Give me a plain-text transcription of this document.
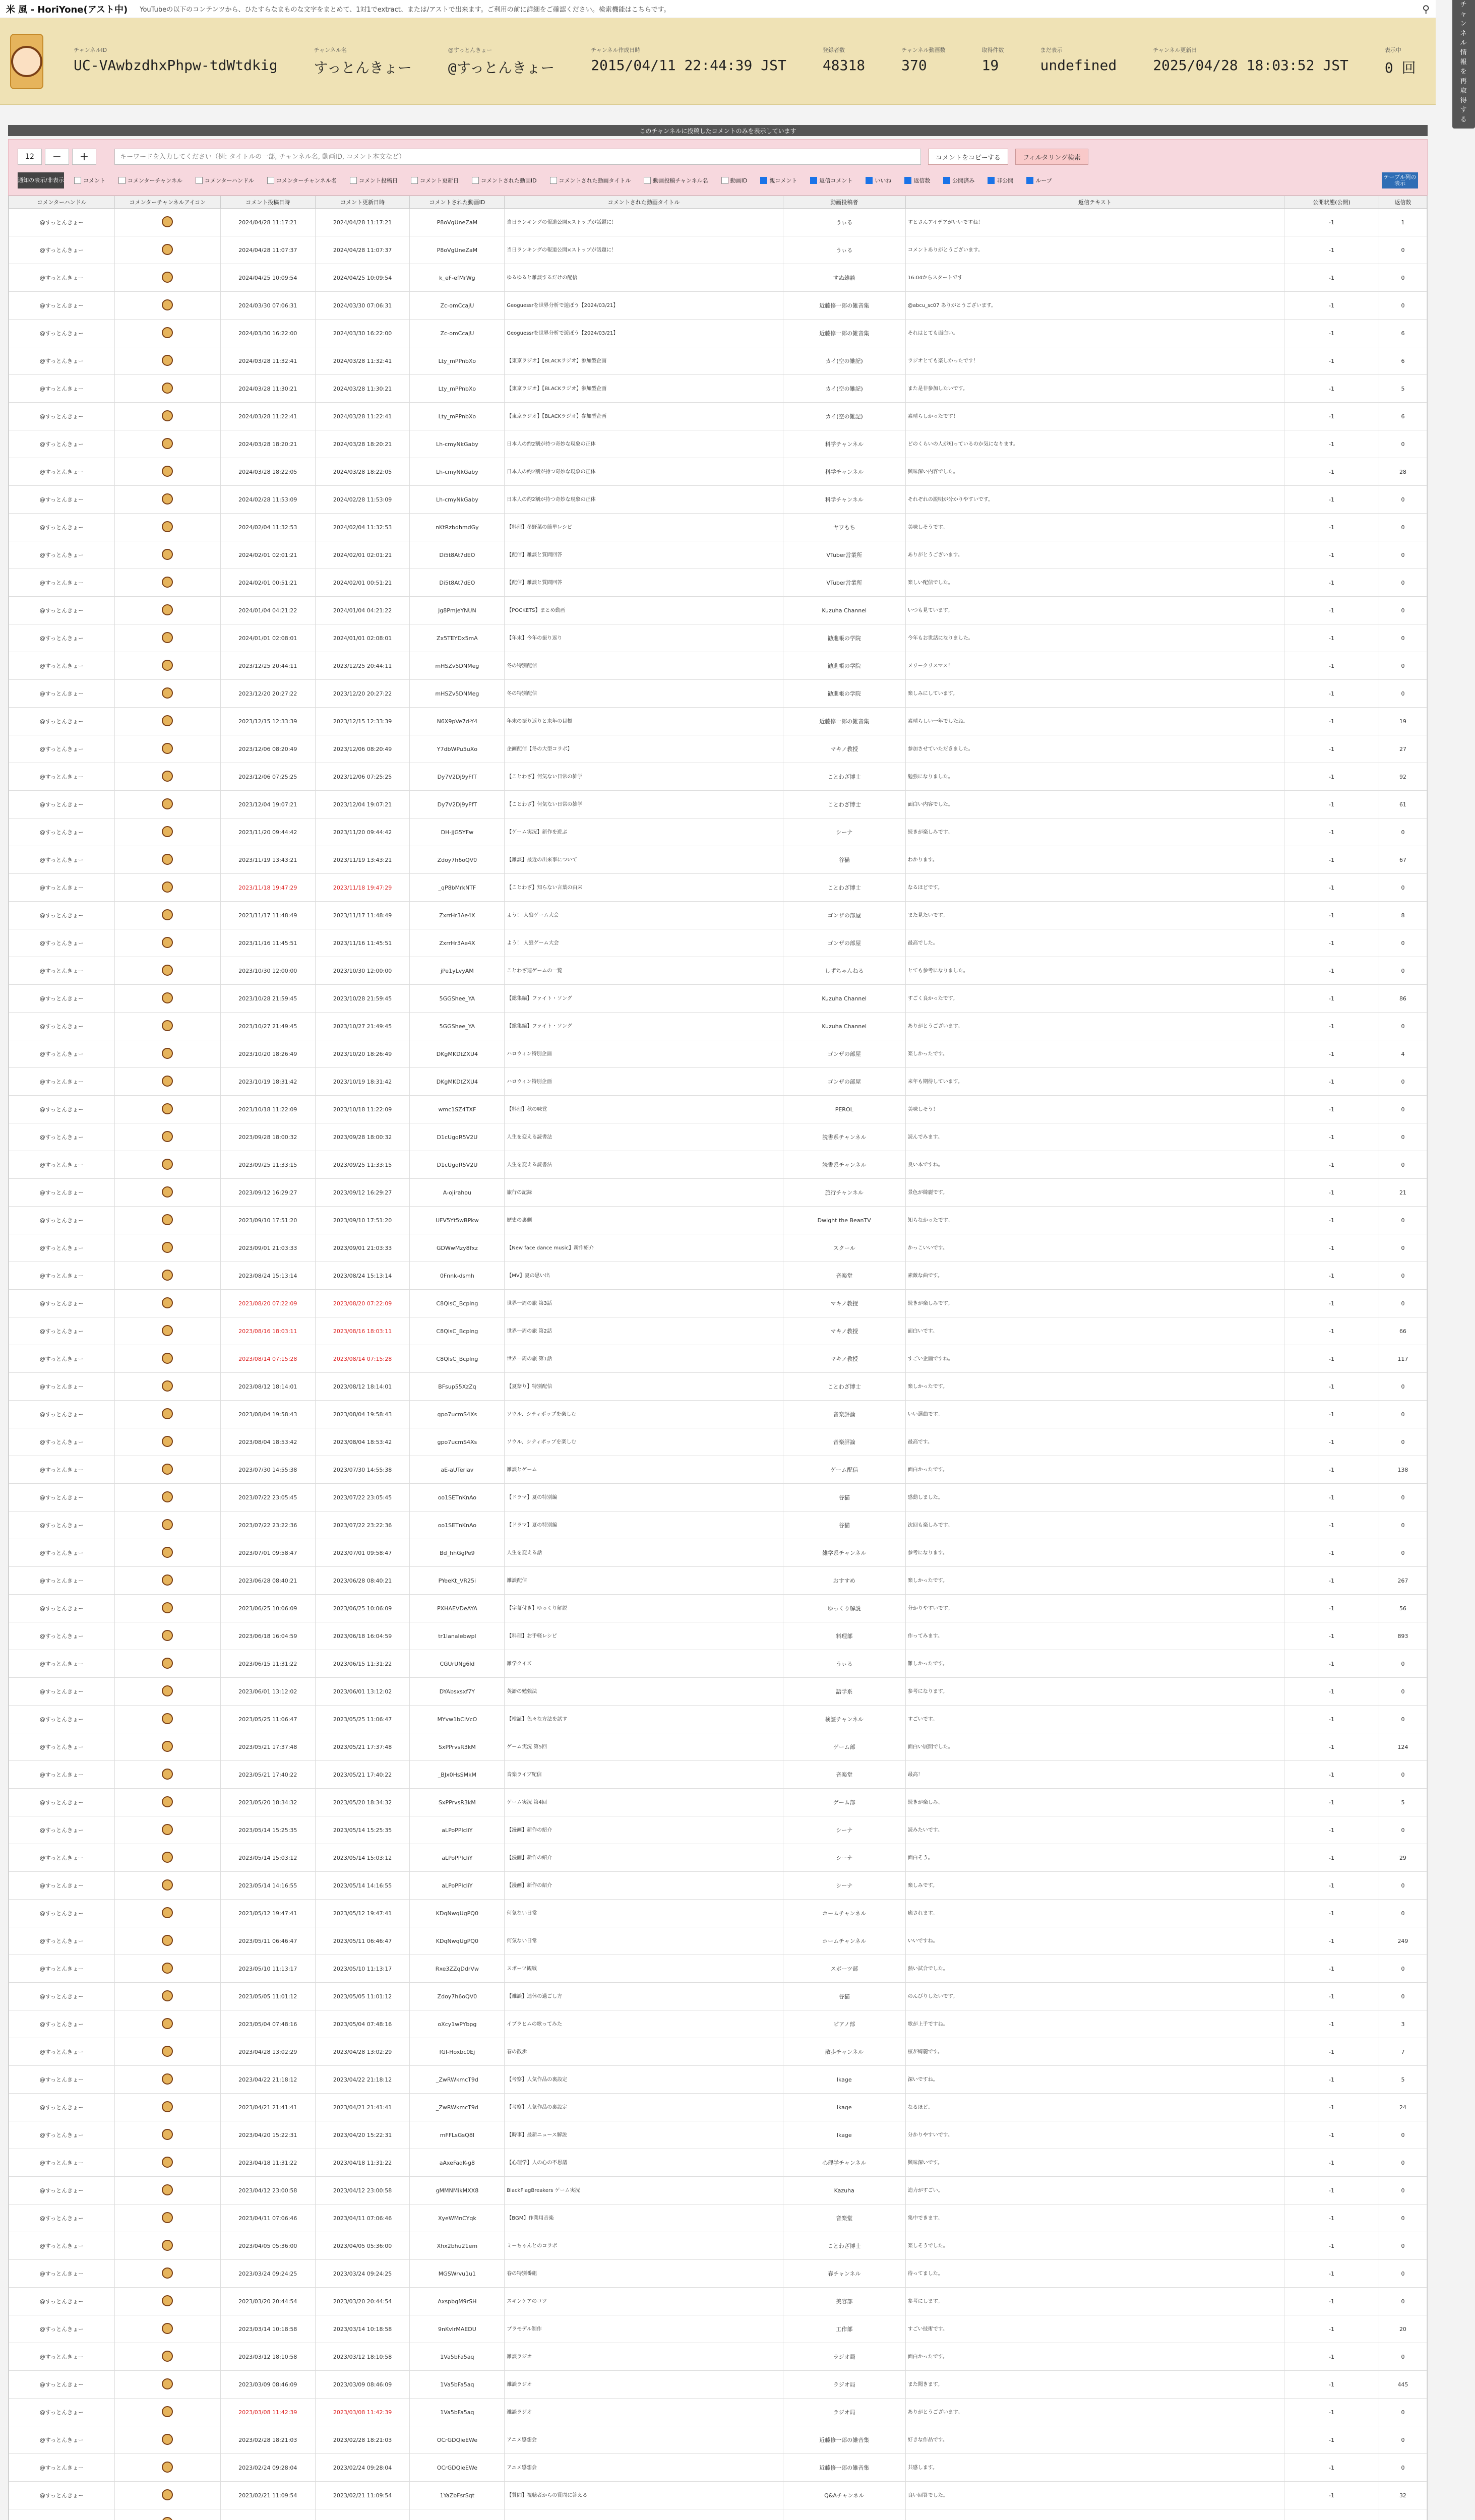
米 風 - HoriYone(アスト中) YouTubeの以下のコンテンツから、ひたすらなまものな文字をまとめて、1対1でextract、または/アストで出来ます。ご利用の前に詳細をご確認ください。検索機能はこちらです。	⚲
チャンネルID
UC-VAwbzdhxPhpw-tdWtdkig
チャンネル名
すっとんきょー
@すっとんきょー
@すっとんきょー
チャンネル作成日時
2015/04/11 22:44:39 JST
登録者数
48318
チャンネル動画数
370
取得件数
19
まだ表示
undefined
チャンネル更新日
2025/04/28 18:03:52 JST
表示中
0 回
チャンネル情報を再取得する
このチャンネルに投稿したコメントのみを表示しています
12	−	+
キーワードを入力してください（例: タイトルの一部, チャンネル名, 動画ID, コメント本文など）	コメントをコピーする	フィルタリング検索
通知の表示/非表示	コメント	コメンターチャンネル	コメンターハンドル	コメンターチャンネル名	コメント投稿日	コメント更新日	コメントされた動画ID	コメントされた動画タイトル	動画投稿チャンネル名	動画ID	親コメント	返信コメント	いいね	返信数	公開済み	非公開	ループ
テーブル列の表示
コメンターハンドル	コメンターチャンネルアイコン	コメント投稿日時	コメント更新日時	コメントされた動画ID	コメントされた動画タイトル	動画投稿者	返信テキスト	公開状態(公開)	返信数
@すっとんきょー		2024/04/28 11:17:21	2024/04/28 11:17:21	P8oVgUneZaM	当日ランキングの報道公開×ストップが話題に！	うぃる	すとさんアイデアがいいですね！	-1	1
@すっとんきょー		2024/04/28 11:07:37	2024/04/28 11:07:37	P8oVgUneZaM	当日ランキングの報道公開×ストップが話題に！	うぃる	コメントありがとうございます。	-1	0
@すっとんきょー		2024/04/25 10:09:54	2024/04/25 10:09:54	k_eF-efMrWg	ゆるゆると雑談するだけの配信	すぬ雑談	16:04からスタートです	-1	0
@すっとんきょー		2024/03/30 07:06:31	2024/03/30 07:06:31	Zc-omCcajU	Geoguessrを世界分析で遊ぼう【2024/03/21】	近藤修一郎の雑音集	@abcu_sc07 ありがとうございます。	-1	0
@すっとんきょー		2024/03/30 16:22:00	2024/03/30 16:22:00	Zc-omCcajU	Geoguessrを世界分析で遊ぼう【2024/03/21】	近藤修一郎の雑音集	それはとても面白い。	-1	6
@すっとんきょー		2024/03/28 11:32:41	2024/03/28 11:32:41	Lty_mPPnbXo	【東京ラジオ】【BLACKラジオ】参加型企画	カイ(空の雑記)	ラジオとても楽しかったです！	-1	6
@すっとんきょー		2024/03/28 11:30:21	2024/03/28 11:30:21	Lty_mPPnbXo	【東京ラジオ】【BLACKラジオ】参加型企画	カイ(空の雑記)	また是非参加したいです。	-1	5
@すっとんきょー		2024/03/28 11:22:41	2024/03/28 11:22:41	Lty_mPPnbXo	【東京ラジオ】【BLACKラジオ】参加型企画	カイ(空の雑記)	素晴らしかったです！	-1	6
@すっとんきょー		2024/03/28 18:20:21	2024/03/28 18:20:21	Lh-cmyNkGaby	日本人の約2割が持つ奇妙な現象の正体	科学チャンネル	どのくらいの人が知っているのか気になります。	-1	0
@すっとんきょー		2024/03/28 18:22:05	2024/03/28 18:22:05	Lh-cmyNkGaby	日本人の約2割が持つ奇妙な現象の正体	科学チャンネル	興味深い内容でした。	-1	28
@すっとんきょー		2024/02/28 11:53:09	2024/02/28 11:53:09	Lh-cmyNkGaby	日本人の約2割が持つ奇妙な現象の正体	科学チャンネル	それぞれの説明が分かりやすいです。	-1	0
@すっとんきょー		2024/02/04 11:32:53	2024/02/04 11:32:53	nKtRzbdhmdGy	【料理】冬野菜の簡単レシピ	ヤワもち	美味しそうです。	-1	0
@すっとんきょー		2024/02/01 02:01:21	2024/02/01 02:01:21	Di5t8At7dEO	【配信】雑談と質問回答	VTuber営業所	ありがとうございます。	-1	0
@すっとんきょー		2024/02/01 00:51:21	2024/02/01 00:51:21	Di5t8At7dEO	【配信】雑談と質問回答	VTuber営業所	楽しい配信でした。	-1	0
@すっとんきょー		2024/01/04 04:21:22	2024/01/04 04:21:22	Jg8PmjeYNUN	【POCKETS】まとめ動画	Kuzuha Channel	いつも見ています。	-1	0
@すっとんきょー		2024/01/01 02:08:01	2024/01/01 02:08:01	Zx5TEYDx5mA	【年末】今年の振り返り	勧進帳の学院	今年もお世話になりました。	-1	0
@すっとんきょー		2023/12/25 20:44:11	2023/12/25 20:44:11	mHSZv5DNMeg	冬の特別配信	勧進帳の学院	メリークリスマス！	-1	0
@すっとんきょー		2023/12/20 20:27:22	2023/12/20 20:27:22	mHSZv5DNMeg	冬の特別配信	勧進帳の学院	楽しみにしています。	-1	0
@すっとんきょー		2023/12/15 12:33:39	2023/12/15 12:33:39	N6X9pVe7d-Y4	年末の振り返りと来年の目標	近藤修一郎の雑音集	素晴らしい一年でしたね。	-1	19
@すっとんきょー		2023/12/06 08:20:49	2023/12/06 08:20:49	Y7dbWPu5uXo	企画配信【冬の大型コラボ】	マキノ教授	参加させていただきました。	-1	27
@すっとんきょー		2023/12/06 07:25:25	2023/12/06 07:25:25	Dy7V2Dj9yFfT	【ことわざ】何気ない日常の雑学	ことわざ博士	勉強になりました。	-1	92
@すっとんきょー		2023/12/04 19:07:21	2023/12/04 19:07:21	Dy7V2Dj9yFfT	【ことわざ】何気ない日常の雑学	ことわざ博士	面白い内容でした。	-1	61
@すっとんきょー		2023/11/20 09:44:42	2023/11/20 09:44:42	DH-jjG5YFw	【ゲーム実況】新作を遊ぶ	シーナ	続きが楽しみです。	-1	0
@すっとんきょー		2023/11/19 13:43:21	2023/11/19 13:43:21	Zdoy7h6oQV0	【雑談】最近の出来事について	谷猫	わかります。	-1	67
@すっとんきょー		2023/11/18 19:47:29	2023/11/18 19:47:29	_qP8bMrkNTF	【ことわざ】知らない言葉の由来	ことわざ博士	なるほどです。	-1	0
@すっとんきょー		2023/11/17 11:48:49	2023/11/17 11:48:49	ZxrrHr3Ae4X	よう！ 人狼ゲーム大会	ゴンザの部屋	また見たいです。	-1	8
@すっとんきょー		2023/11/16 11:45:51	2023/11/16 11:45:51	ZxrrHr3Ae4X	よう！ 人狼ゲーム大会	ゴンザの部屋	最高でした。	-1	0
@すっとんきょー		2023/10/30 12:00:00	2023/10/30 12:00:00	jPe1yLvyAM	ことわざ連ゲームの一覧	しずちゃんねる	とても参考になりました。	-1	0
@すっとんきょー		2023/10/28 21:59:45	2023/10/28 21:59:45	5GGShee_YA	【総集編】ファイト・ソング	Kuzuha Channel	すごく良かったです。	-1	86
@すっとんきょー		2023/10/27 21:49:45	2023/10/27 21:49:45	5GGShee_YA	【総集編】ファイト・ソング	Kuzuha Channel	ありがとうございます。	-1	0
@すっとんきょー		2023/10/20 18:26:49	2023/10/20 18:26:49	DKgMKDtZXU4	ハロウィン特別企画	ゴンザの部屋	楽しかったです。	-1	4
@すっとんきょー		2023/10/19 18:31:42	2023/10/19 18:31:42	DKgMKDtZXU4	ハロウィン特別企画	ゴンザの部屋	来年も期待しています。	-1	0
@すっとんきょー		2023/10/18 11:22:09	2023/10/18 11:22:09	wmc1SZ4TXF	【料理】秋の味覚	PEROL	美味しそう！	-1	0
@すっとんきょー		2023/09/28 18:00:32	2023/09/28 18:00:32	D1cUgqR5V2U	人生を変える読書法	読書系チャンネル	読んでみます。	-1	0
@すっとんきょー		2023/09/25 11:33:15	2023/09/25 11:33:15	D1cUgqR5V2U	人生を変える読書法	読書系チャンネル	良い本ですね。	-1	0
@すっとんきょー		2023/09/12 16:29:27	2023/09/12 16:29:27	A-ojirahou	旅行の記録	旅行チャンネル	景色が綺麗です。	-1	21
@すっとんきょー		2023/09/10 17:51:20	2023/09/10 17:51:20	UFV5Yt5wBPkw	歴史の裏側	Dwight the BeanTV	知らなかったです。	-1	0
@すっとんきょー		2023/09/01 21:03:33	2023/09/01 21:03:33	GDWwMzy8fxz	【New face dance music】新作紹介	スクール	かっこいいです。	-1	0
@すっとんきょー		2023/08/24 15:13:14	2023/08/24 15:13:14	0Fnnk-dsmh	【MV】夏の思い出	音楽堂	素敵な曲です。	-1	0
@すっとんきょー		2023/08/20 07:22:09	2023/08/20 07:22:09	C8QlsC_Bcplng	世界一周の旅 第3話	マキノ教授	続きが楽しみです。	-1	0
@すっとんきょー		2023/08/16 18:03:11	2023/08/16 18:03:11	C8QlsC_Bcplng	世界一周の旅 第2話	マキノ教授	面白いです。	-1	66
@すっとんきょー		2023/08/14 07:15:28	2023/08/14 07:15:28	C8QlsC_Bcplng	世界一周の旅 第1話	マキノ教授	すごい企画ですね。	-1	117
@すっとんきょー		2023/08/12 18:14:01	2023/08/12 18:14:01	BFsup55XzZq	【夏祭り】特別配信	ことわざ博士	楽しかったです。	-1	0
@すっとんきょー		2023/08/04 19:58:43	2023/08/04 19:58:43	gpo7ucmS4Xs	ソウル、シティポップを楽しむ	音楽評論	いい選曲です。	-1	0
@すっとんきょー		2023/08/04 18:53:42	2023/08/04 18:53:42	gpo7ucmS4Xs	ソウル、シティポップを楽しむ	音楽評論	最高です。	-1	0
@すっとんきょー		2023/07/30 14:55:38	2023/07/30 14:55:38	aE-aUTeriav	雑談とゲーム	ゲーム配信	面白かったです。	-1	138
@すっとんきょー		2023/07/22 23:05:45	2023/07/22 23:05:45	oo1SETnKnAo	【ドラマ】夏の特別編	谷猫	感動しました。	-1	0
@すっとんきょー		2023/07/22 23:22:36	2023/07/22 23:22:36	oo1SETnKnAo	【ドラマ】夏の特別編	谷猫	次回も楽しみです。	-1	0
@すっとんきょー		2023/07/01 09:58:47	2023/07/01 09:58:47	Bd_hhGgPe9	人生を変える話	雑学系チャンネル	参考になります。	-1	0
@すっとんきょー		2023/06/28 08:40:21	2023/06/28 08:40:21	PYeeKt_VR25i	雑談配信	おすすめ	楽しかったです。	-1	267
@すっとんきょー		2023/06/25 10:06:09	2023/06/25 10:06:09	PXHAEVDeAYA	【字幕付き】ゆっくり解説	ゆっくり解説	分かりやすいです。	-1	56
@すっとんきょー		2023/06/18 16:04:59	2023/06/18 16:04:59	tr1lanaIebwpl	【料理】お手軽レシピ	料理部	作ってみます。	-1	893
@すっとんきょー		2023/06/15 11:31:22	2023/06/15 11:31:22	CGUrUNg6ld	雑学クイズ	うぃる	難しかったです。	-1	0
@すっとんきょー		2023/06/01 13:12:02	2023/06/01 13:12:02	DYAbsxsxf7Y	英語の勉強法	語学系	参考になります。	-1	0
@すっとんきょー		2023/05/25 11:06:47	2023/05/25 11:06:47	MYvw1bCIVcO	【検証】色々な方法を試す	検証チャンネル	すごいです。	-1	0
@すっとんきょー		2023/05/21 17:37:48	2023/05/21 17:37:48	SxPPrvsR3kM	ゲーム実況 第5回	ゲーム部	面白い展開でした。	-1	124
@すっとんきょー		2023/05/21 17:40:22	2023/05/21 17:40:22	_BJx0HsSMkM	音楽ライブ配信	音楽堂	最高！	-1	0
@すっとんきょー		2023/05/20 18:34:32	2023/05/20 18:34:32	SxPPrvsR3kM	ゲーム実況 第4回	ゲーム部	続きが楽しみ。	-1	5
@すっとんきょー		2023/05/14 15:25:35	2023/05/14 15:25:35	aLPoPPIcliY	【漫画】新作の紹介	シーナ	読みたいです。	-1	0
@すっとんきょー		2023/05/14 15:03:12	2023/05/14 15:03:12	aLPoPPIcliY	【漫画】新作の紹介	シーナ	面白そう。	-1	29
@すっとんきょー		2023/05/14 14:16:55	2023/05/14 14:16:55	aLPoPPIcliY	【漫画】新作の紹介	シーナ	楽しみです。	-1	0
@すっとんきょー		2023/05/12 19:47:41	2023/05/12 19:47:41	KDqNwqUgPQ0	何気ない日常	ホームチャンネル	癒されます。	-1	0
@すっとんきょー		2023/05/11 06:46:47	2023/05/11 06:46:47	KDqNwqUgPQ0	何気ない日常	ホームチャンネル	いいですね。	-1	249
@すっとんきょー		2023/05/10 11:13:17	2023/05/10 11:13:17	Rxe3ZZqDdrVw	スポーツ観戦	スポーツ部	熱い試合でした。	-1	0
@すっとんきょー		2023/05/05 11:01:12	2023/05/05 11:01:12	Zdoy7h6oQV0	【雑談】連休の過ごし方	谷猫	のんびりしたいです。	-1	0
@すっとんきょー		2023/05/04 07:48:16	2023/05/04 07:48:16	oXcy1wPYbpg	イブラヒムの歌ってみた	ピアノ部	歌が上手ですね。	-1	3
@すっとんきょー		2023/04/28 13:02:29	2023/04/28 13:02:29	fGI-Hoxbc0Ej	春の散歩	散歩チャンネル	桜が綺麗です。	-1	7
@すっとんきょー		2023/04/22 21:18:12	2023/04/22 21:18:12	_ZwRWkmcT9d	【考察】人気作品の裏設定	Ikage	深いですね。	-1	5
@すっとんきょー		2023/04/21 21:41:41	2023/04/21 21:41:41	_ZwRWkmcT9d	【考察】人気作品の裏設定	Ikage	なるほど。	-1	24
@すっとんきょー		2023/04/20 15:22:31	2023/04/20 15:22:31	mFFLsGsQ8I	【時事】最新ニュース解説	Ikage	分かりやすいです。	-1	0
@すっとんきょー		2023/04/18 11:31:22	2023/04/18 11:31:22	aAxeFaqK-g8	【心理学】人の心の不思議	心理学チャンネル	興味深いです。	-1	0
@すっとんきょー		2023/04/12 23:00:58	2023/04/12 23:00:58	gMMNMikMXX8	BlackFlagBreakers ゲーム実況	Kazuha	迫力がすごい。	-1	0
@すっとんきょー		2023/04/11 07:06:46	2023/04/11 07:06:46	XyeWMnCYqk	【BGM】作業用音楽	音楽堂	集中できます。	-1	0
@すっとんきょー		2023/04/05 05:36:00	2023/04/05 05:36:00	Xhx2bhu21em	ミーちゃんとのコラボ	ことわざ博士	楽しそうでした。	-1	0
@すっとんきょー		2023/03/24 09:24:25	2023/03/24 09:24:25	MGSWrvu1u1	春の特別番組	春チャンネル	待ってました。	-1	0
@すっとんきょー		2023/03/20 20:44:54	2023/03/20 20:44:54	AxspbgM9rSH	スキンケアのコツ	美容部	参考にします。	-1	0
@すっとんきょー		2023/03/14 10:18:58	2023/03/14 10:18:58	9nKvlrMAEDU	プラモデル制作	工作部	すごい技術です。	-1	20
@すっとんきょー		2023/03/12 18:10:58	2023/03/12 18:10:58	1Va5bFa5aq	雑談ラジオ	ラジオ局	面白かったです。	-1	0
@すっとんきょー		2023/03/09 08:46:09	2023/03/09 08:46:09	1Va5bFa5aq	雑談ラジオ	ラジオ局	また聞きます。	-1	445
@すっとんきょー		2023/03/08 11:42:39	2023/03/08 11:42:39	1Va5bFa5aq	雑談ラジオ	ラジオ局	ありがとうございます。	-1	0
@すっとんきょー		2023/02/28 18:21:03	2023/02/28 18:21:03	OCrGDQieEWe	アニメ感想会	近藤修一郎の雑音集	好きな作品です。	-1	0
@すっとんきょー		2023/02/24 09:28:04	2023/02/24 09:28:04	OCrGDQieEWe	アニメ感想会	近藤修一郎の雑音集	共感します。	-1	0
@すっとんきょー		2023/02/21 11:09:54	2023/02/21 11:09:54	1YaZbFsrSqt	【質問】視聴者からの質問に答える	Q&Aチャンネル	良い回答でした。	-1	32
